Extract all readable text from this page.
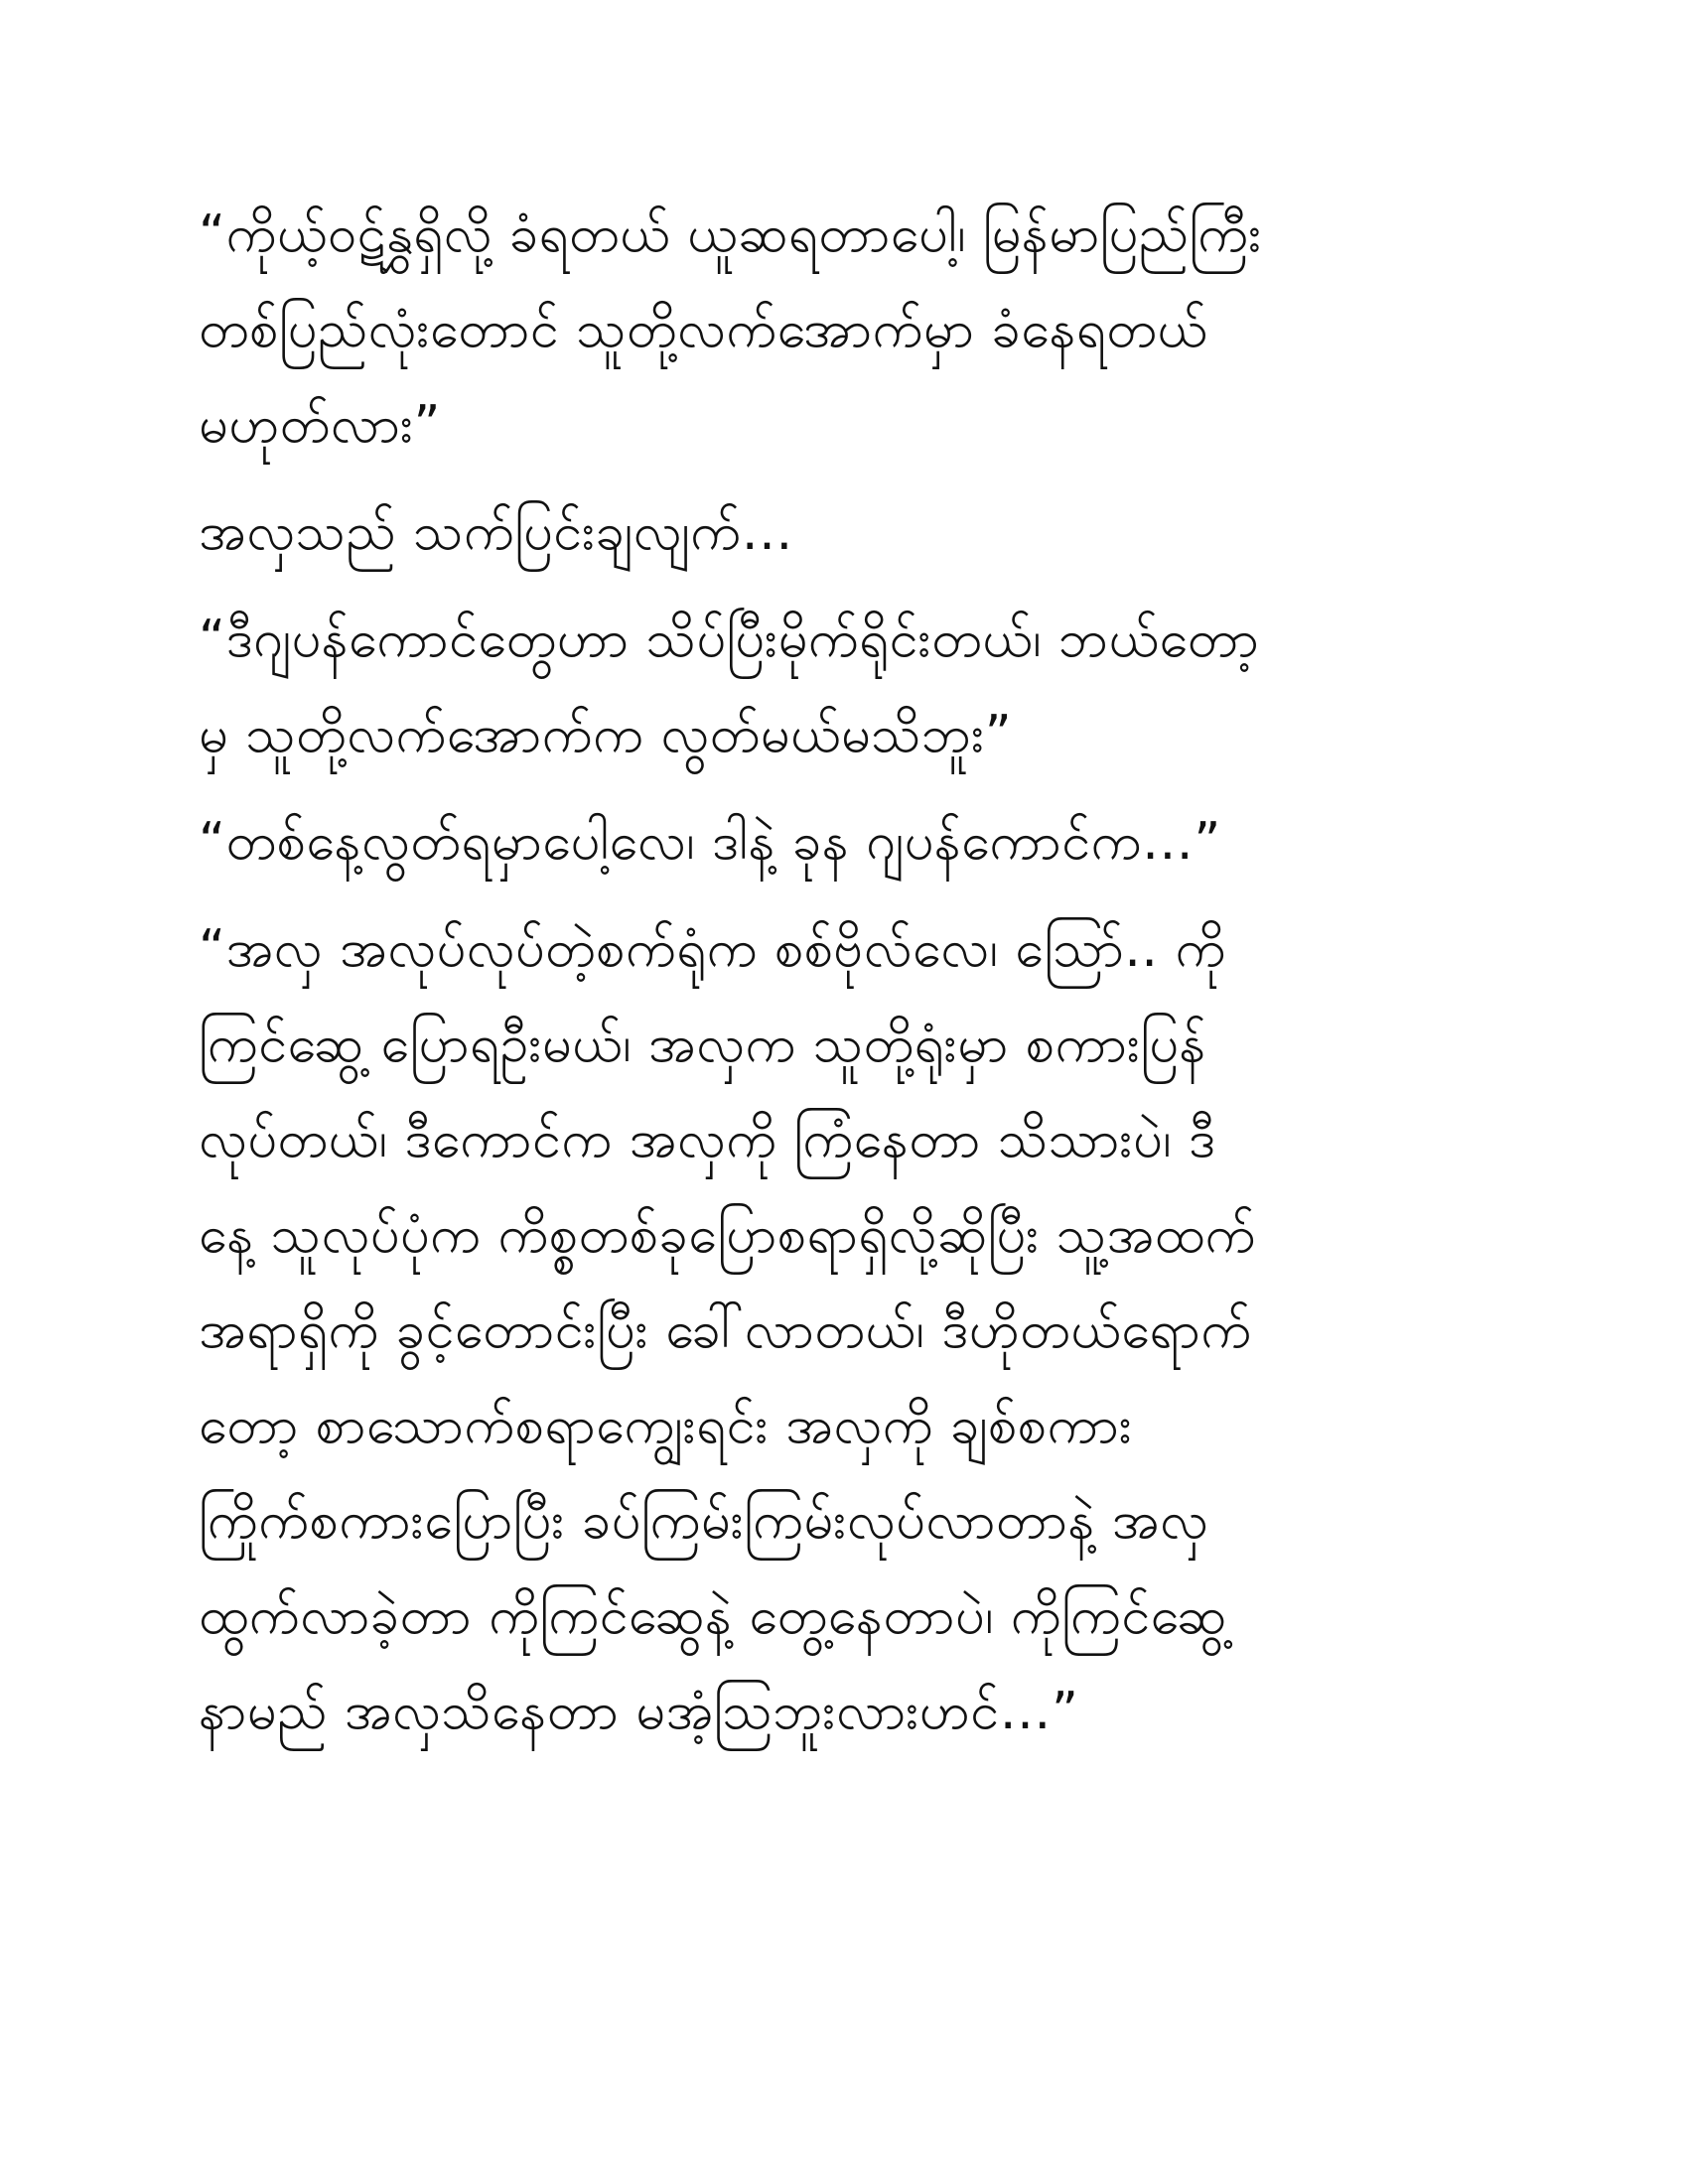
“ကိုယ့်ဝဋ်နွှရှိလို့ ခံရတယ် ယူဆရတာပေါ့၊ မြန်မာပြည်ကြီး
တစ်ပြည်လုံးတောင် သူတို့လက်အောက်မှာ ခံနေရတယ်
မဟုတ်လား”

အလှသည် သက်ပြင်းချလျက်…

“ဒီဂျပန်ကောင်တွေဟာ သိပ်ပြီးမိုက်ရိုင်းတယ်၊ ဘယ်တော့
မှ သူတို့လက်အောက်က လွတ်မယ်မသိဘူး”

“တစ်နေ့လွတ်ရမှာပေါ့လေ၊ ဒါနဲ့ ခုန ဂျပန်ကောင်က…”

“အလှ အလုပ်လုပ်တဲ့စက်ရုံက စစ်ဗိုလ်လေ၊ သြော်.. ကို
ကြင်ဆွေ့ ပြောရဦးမယ်၊ အလှက သူတို့ရုံးမှာ စကားပြန်
လုပ်တယ်၊ ဒီကောင်က အလှကို ကြံနေတာ သိသားပဲ၊ ဒီ
နေ့ သူလုပ်ပုံက ကိစ္စတစ်ခုပြောစရာရှိလို့ဆိုပြီး သူ့အထက်
အရာရှိကို ခွင့်တောင်းပြီး ခေါ်လာတယ်၊ ဒီဟိုတယ်ရောက်
တော့ စာသောက်စရာကျွေးရင်း အလှကို ချစ်စကား
ကြိုက်စကားပြောပြီး ခပ်ကြမ်းကြမ်းလုပ်လာတာနဲ့ အလှ
ထွက်လာခဲ့တာ ကိုကြင်ဆွေနဲ့ တွေ့နေတာပဲ၊ ကိုကြင်ဆွေ့
နာမည် အလှသိနေတာ မအံ့သြဘူးလားဟင်…”
